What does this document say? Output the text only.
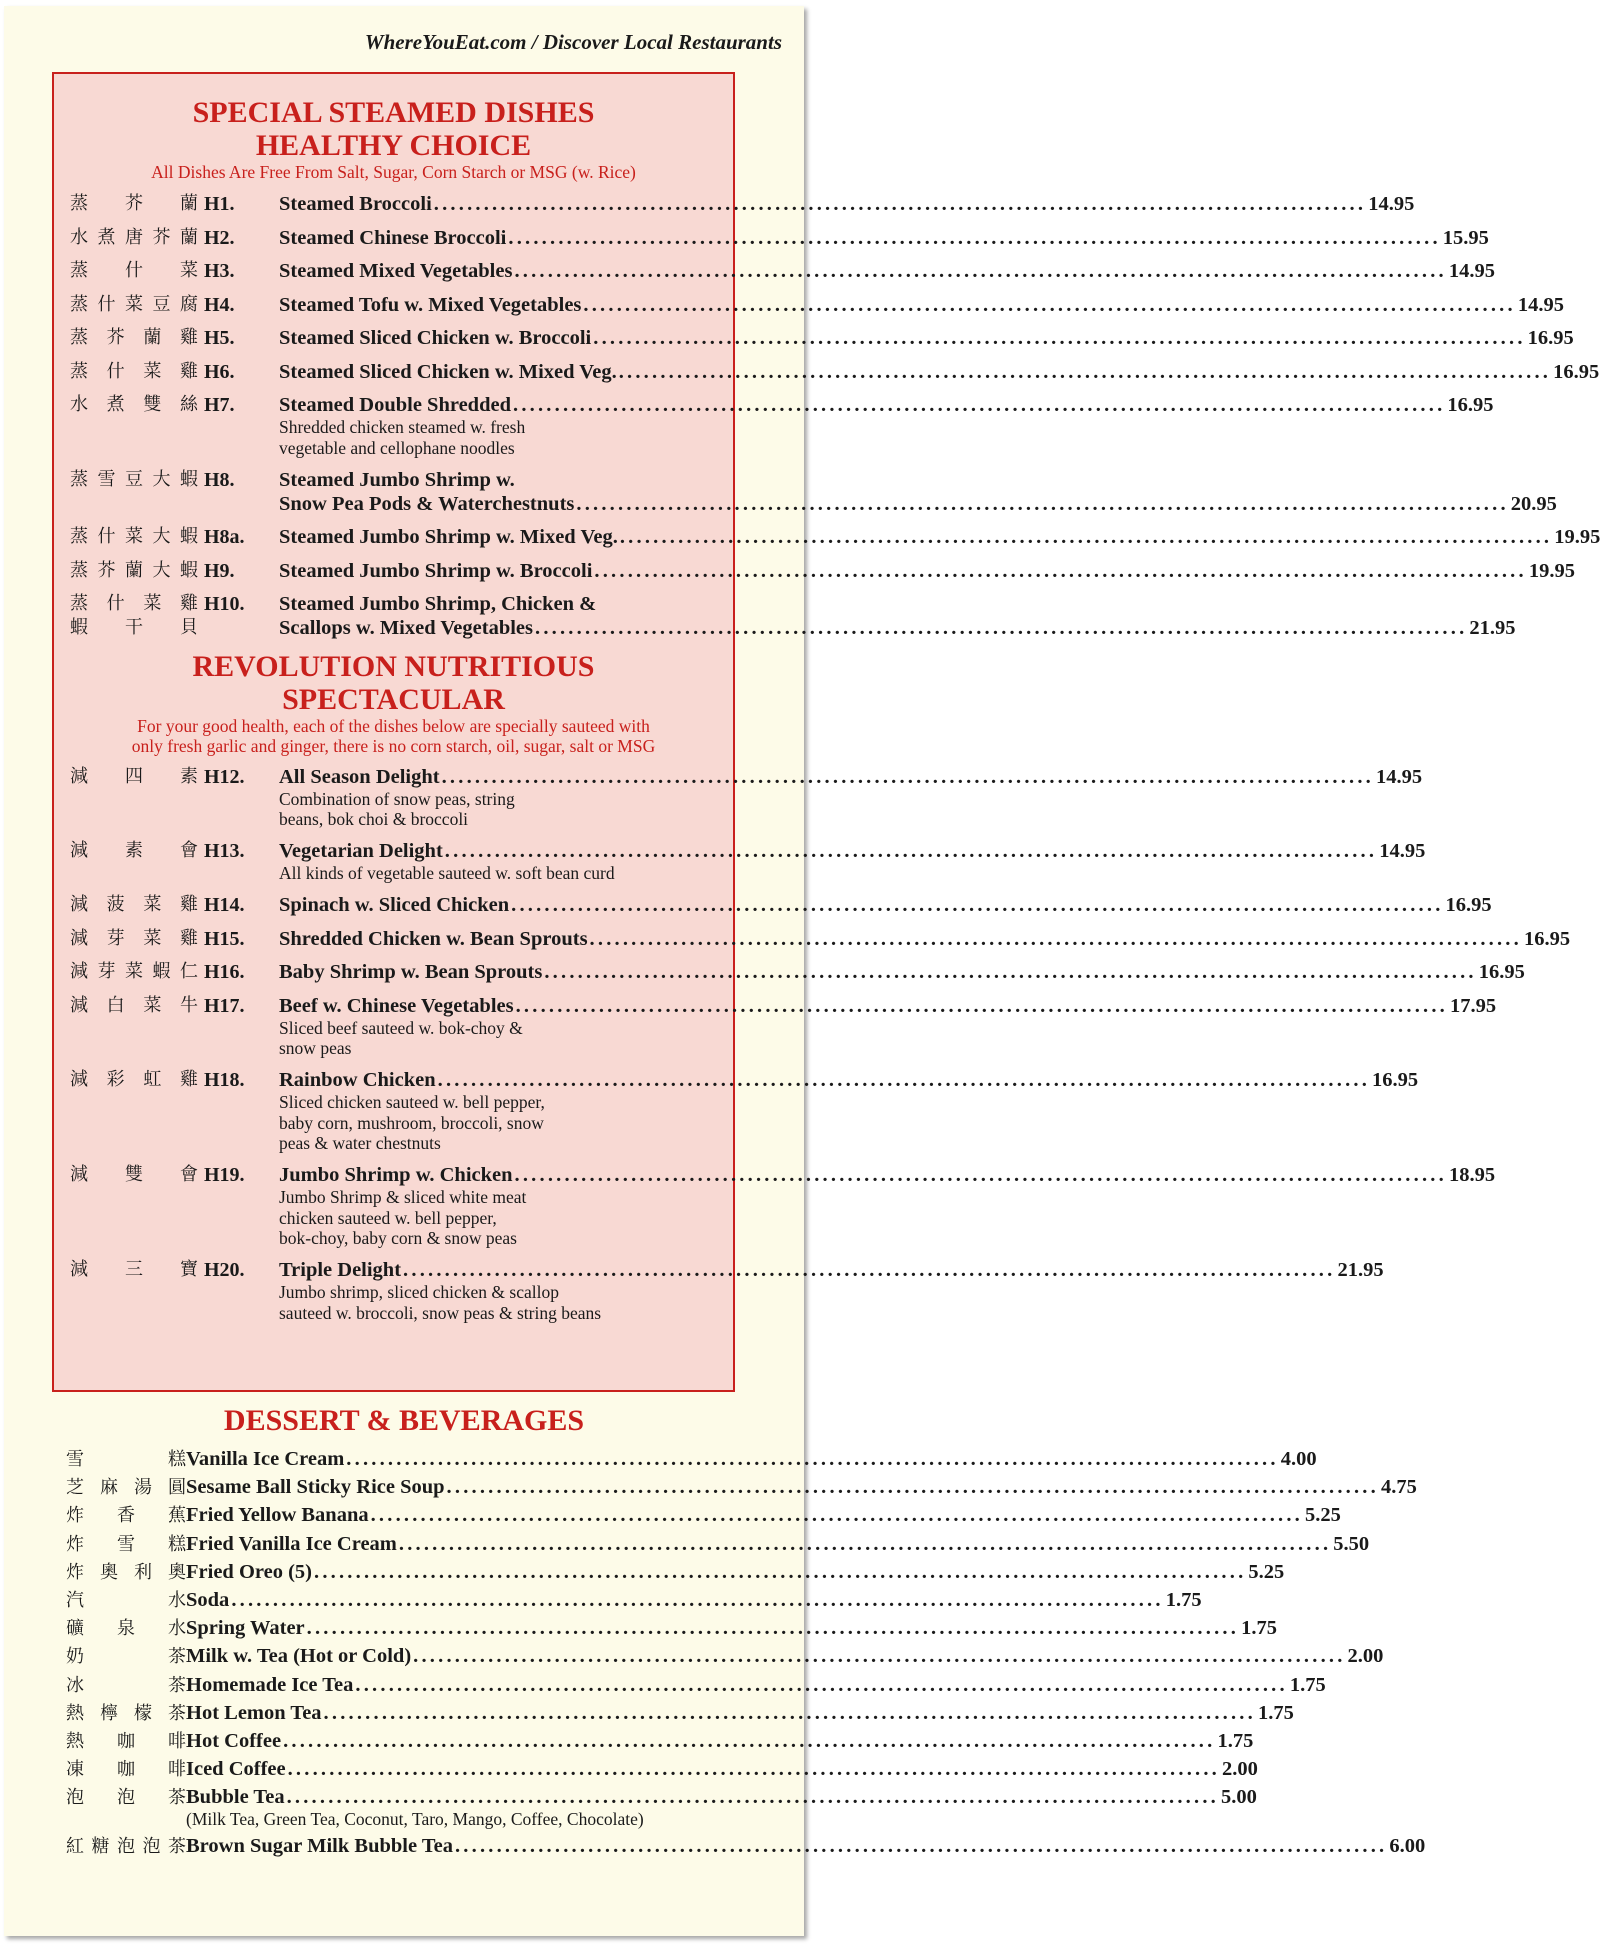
WhereYouEat.com / Discover Local Restaurants
SPECIAL STEAMED DISHES
HEALTHY CHOICE

All Dishes Are Free From Salt, Sugar, Corn Starch or MSG (w. Rice)

蒸芥蘭 H1.	Steamed Broccoli .....	14.95
水煮唐芥蘭 H2.	Steamed Chinese Broccoli .....	15.95
蒸什菜 H3.	Steamed Mixed Vegetables .....	14.95
蒸什菜豆腐 H4.	Steamed Tofu w. Mixed Vegetables .....	14.95
蒸芥蘭雞 H5.	Steamed Sliced Chicken w. Broccoli .....	16.95
蒸什菜雞 H6.	Steamed Sliced Chicken w. Mixed Veg. .....	16.95
水煮雙絲 H7.	Steamed Double Shredded .....	16.95
Shredded chicken steamed w. fresh
vegetable and cellophane noodles
蒸雪豆大蝦 H8.	Steamed Jumbo Shrimp w.
Snow Pea Pods & Waterchestnuts .....	20.95
蒸什菜大蝦 H8a.	Steamed Jumbo Shrimp w. Mixed Veg. .....	19.95
蒸芥蘭大蝦 H9.	Steamed Jumbo Shrimp w. Broccoli .....	19.95
蒸什菜雞
蝦干貝
H10.	Steamed Jumbo Shrimp, Chicken &
Scallops w. Mixed Vegetables .....	21.95
REVOLUTION NUTRITIOUS
SPECTACULAR

For your good health, each of the dishes below are specially sauteed with

only fresh garlic and ginger, there is no corn starch, oil, sugar, salt or MSG

減四素 H12.	All Season Delight .....	14.95
Combination of snow peas, string
beans, bok choi & broccoli
減素會 H13.	Vegetarian Delight .....	14.95
All kinds of vegetable sauteed w. soft bean curd
減菠菜雞 H14.	Spinach w. Sliced Chicken .....	16.95
減芽菜雞 H15.	Shredded Chicken w. Bean Sprouts .....	16.95
減芽菜蝦仁 H16.	Baby Shrimp w. Bean Sprouts .....	16.95
減白菜牛 H17.	Beef w. Chinese Vegetables .....	17.95
Sliced beef sauteed w. bok-choy &
snow peas
減彩虹雞 H18.	Rainbow Chicken .....	16.95
Sliced chicken sauteed w. bell pepper,
baby corn, mushroom, broccoli, snow
peas & water chestnuts
減雙會 H19.	Jumbo Shrimp w. Chicken .....	18.95
Jumbo Shrimp & sliced white meat
chicken sauteed w. bell pepper,
bok-choy, baby corn & snow peas
減三寶 H20.	Triple Delight .....	21.95
Jumbo shrimp, sliced chicken & scallop
sauteed w. broccoli, snow peas & string beans
DESSERT & BEVERAGES
雪糕 Vanilla Ice Cream .....	4.00
芝麻湯圓 Sesame Ball Sticky Rice Soup .....	4.75
炸香蕉 Fried Yellow Banana .....	5.25
炸雪糕 Fried Vanilla Ice Cream .....	5.50
炸奧利奧 Fried Oreo (5) .....	5.25
汽水 Soda .....	1.75
礦泉水 Spring Water .....	1.75
奶茶 Milk w. Tea (Hot or Cold) .....	2.00
冰茶 Homemade Ice Tea .....	1.75
熱檸檬茶 Hot Lemon Tea .....	1.75
熱咖啡 Hot Coffee .....	1.75
凍咖啡 Iced Coffee .....	2.00
泡泡茶 Bubble Tea .....	5.00
(Milk Tea, Green Tea, Coconut, Taro, Mango, Coffee, Chocolate)
紅糖泡泡茶 Brown Sugar Milk Bubble Tea .....	6.00
